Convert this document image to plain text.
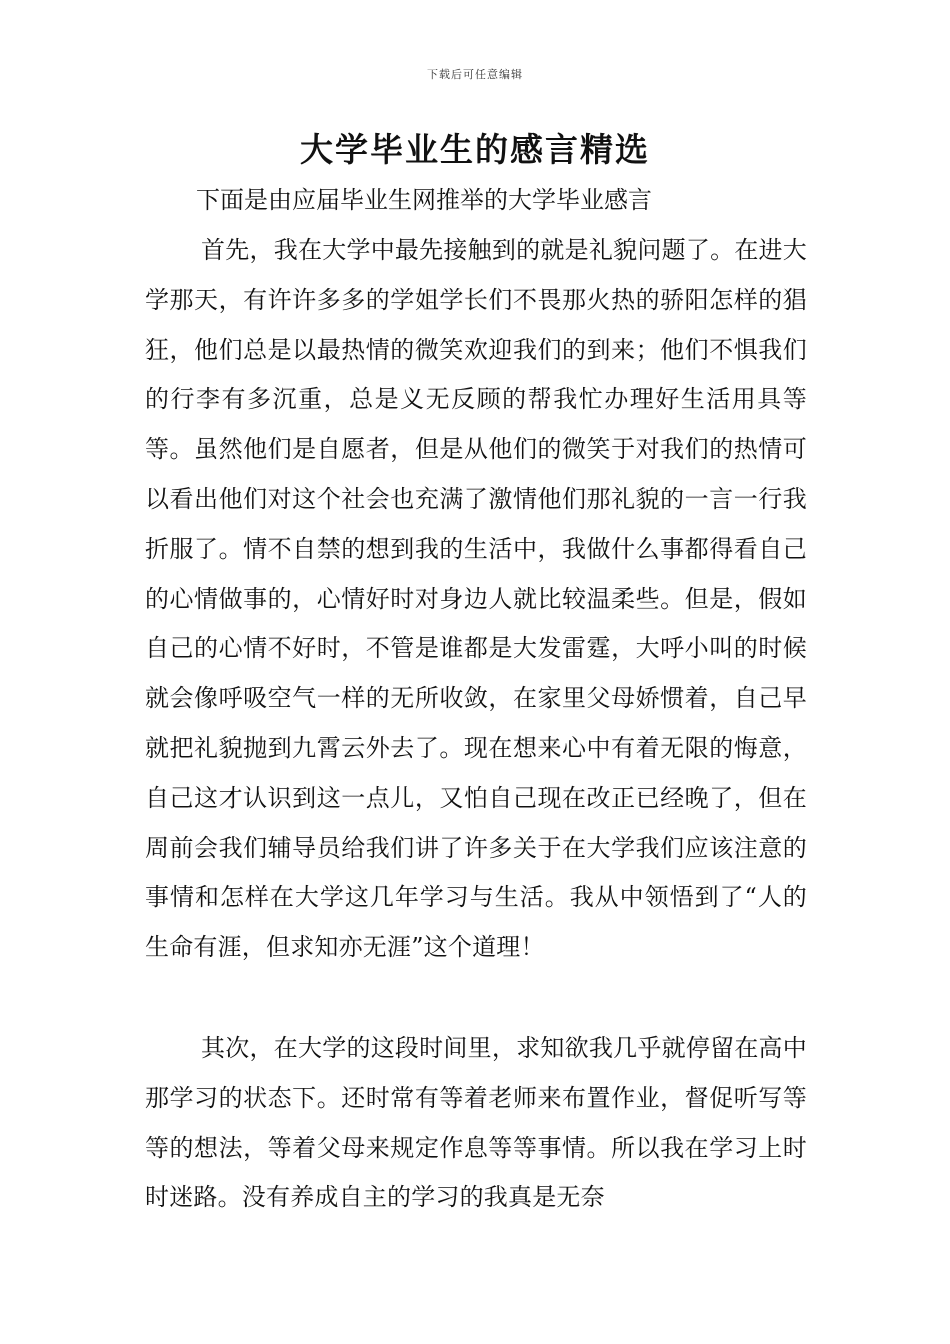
下载后可任意编辑
大学毕业生的感言精选

下面是由应届毕业生网推举的大学毕业感言

首先，我在大学中最先接触到的就是礼貌问题了。在进大学那天，有许许多多的学姐学长们不畏那火热的骄阳怎样的猖狂，他们总是以最热情的微笑欢迎我们的到来；他们不惧我们的行李有多沉重，总是义无反顾的帮我忙办理好生活用具等等。虽然他们是自愿者，但是从他们的微笑于对我们的热情可以看出他们对这个社会也充满了激情他们那礼貌的一言一行我折服了。情不自禁的想到我的生活中，我做什么事都得看自己的心情做事的，心情好时对身边人就比较温柔些。但是，假如自己的心情不好时，不管是谁都是大发雷霆，大呼小叫的时候就会像呼吸空气一样的无所收敛，在家里父母娇惯着，自己早就把礼貌抛到九霄云外去了。现在想来心中有着无限的悔意，自己这才认识到这一点儿，又怕自己现在改正已经晚了，但在周前会我们辅导员给我们讲了许多关于在大学我们应该注意的事情和怎样在大学这几年学习与生活。我从中领悟到了“人的生命有涯，但求知亦无涯”这个道理！

其次，在大学的这段时间里，求知欲我几乎就停留在高中那学习的状态下。还时常有等着老师来布置作业，督促听写等等的想法，等着父母来规定作息等等事情。所以我在学习上时时迷路。没有养成自主的学习的我真是无奈
